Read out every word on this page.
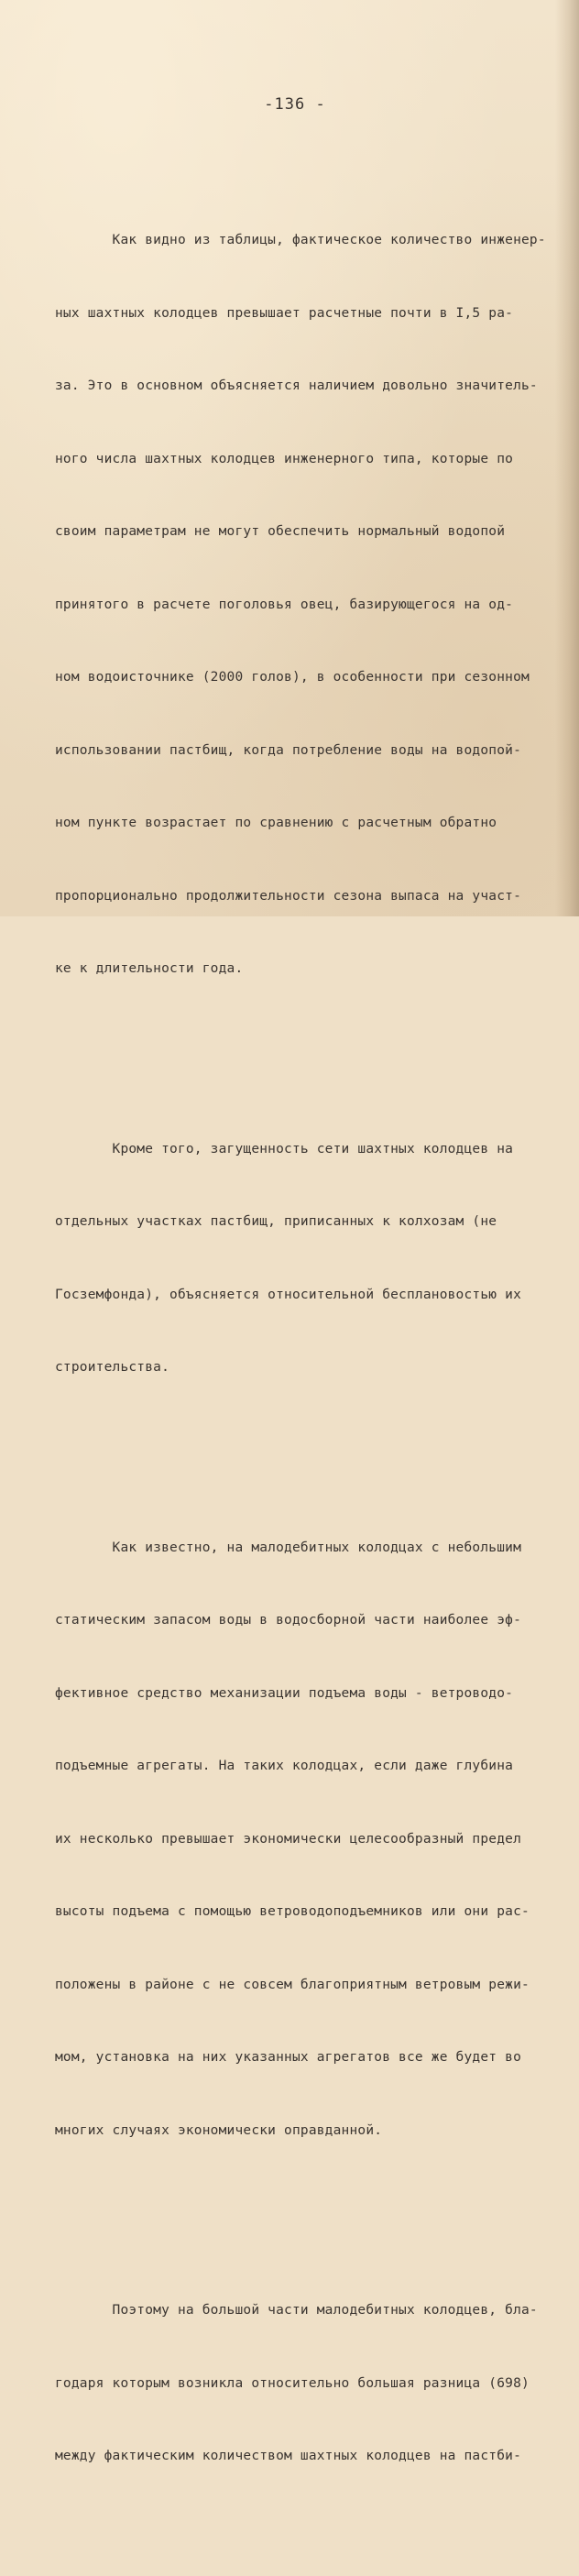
-136 -

Как видно из таблицы, фактическое количество инженер-

ных шахтных колодцев превышает расчетные почти в I,5 ра-

за. Это в основном объясняется наличием довольно значитель-

ного числа шахтных колодцев инженерного типа, которые по

своим параметрам не могут обеспечить нормальный водопой

принятого в расчете поголовья овец, базирующегося на од-

ном водоисточнике (2000 голов), в особенности при сезонном

использовании пастбищ, когда потребление воды на водопой-

ном пункте возрастает по сравнению с расчетным обратно

пропорционально продолжительности сезона выпаса на участ-

ке к длительности года.

Кроме того, загущенность сети шахтных колодцев на

отдельных участках пастбищ, приписанных к колхозам (не

Госземфонда), объясняется относительной бесплановостью их

строительства.

Как известно, на малодебитных колодцах с небольшим

статическим запасом воды в водосборной части наиболее эф-

фективное средство механизации подъема воды - ветроводо-

подъемные агрегаты. На таких колодцах, если даже глубина

их несколько превышает экономически целесообразный предел

высоты подъема с помощью ветроводоподъемников или они рас-

положены в районе с не совсем благоприятным ветровым режи-

мом, установка на них указанных агрегатов все же будет во

многих случаях экономически оправданной.

Поэтому на большой части малодебитных колодцев, бла-

годаря которым возникла относительно большая разница (698)

между фактическим количеством шахтных колодцев на пастби-
